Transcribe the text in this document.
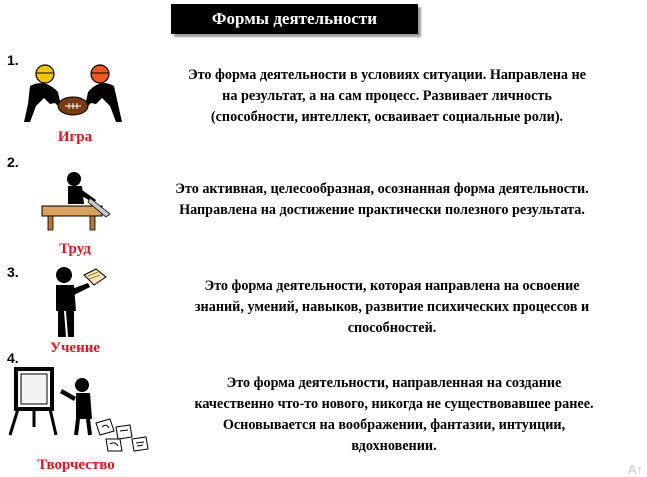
Формы деятельности
1.
Игра
Это форма деятельности в условиях ситуации. Направлена не
на результат, а на сам процесс. Развивает личность
(способности, интеллект, осваивает социальные роли).
2.
Труд
Это активная, целесообразная, осознанная форма деятельности.
Направлена на достижение практически полезного результата.
3.
Учение
Это форма деятельности, которая направлена на освоение
знаний, умений, навыков, развитие психических процессов и
способностей.
4.
Творчество
Это форма деятельности, направленная на создание
качественно что-то нового, никогда не существовавшее ранее.
Основывается на воображении, фантазии, интуиции,
вдохновении.
A↑
